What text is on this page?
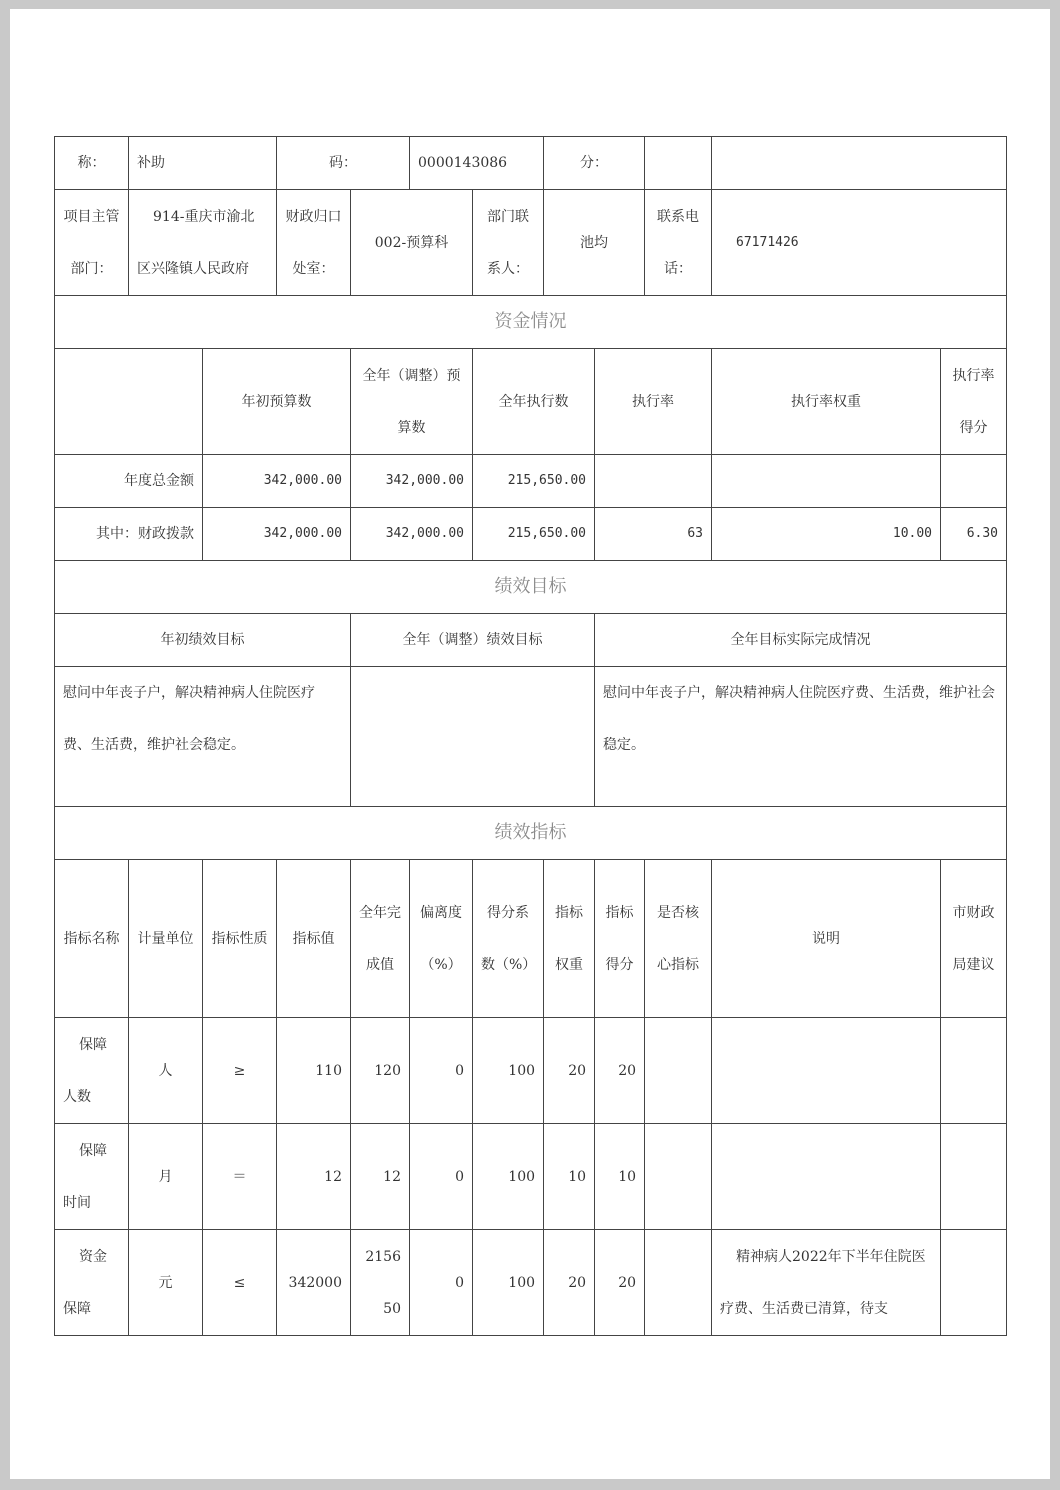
称：	补助		码：		0000143086		分：				
项目主管部门：	914-重庆市渝北区兴隆镇人民政府		财政归口处室：	002-预算科		部门联系人：	池均		联系电话：	67171426	
资金情况											
		年初预算数		全年（调整）预算数		全年执行数		执行率		执行率权重	执行率得分
年度总金额		342,000.00		342,000.00		215,650.00					
其中：财政拨款		342,000.00		342,000.00		215,650.00		63		10.00	6.30
绩效目标											
年初绩效目标				全年（调整）绩效目标				全年目标实际完成情况			
慰问中年丧子户，解决精神病人住院医疗费、生活费，维护社会稳定。								慰问中年丧子户，解决精神病人住院医疗费、生活费，维护社会稳定。			
绩效指标											
指标名称	计量单位	指标性质	指标值	全年完成值	偏离度（%）	得分系数（%）	指标权重	指标得分	是否核心指标	说明	市财政局建议
保障人数	人	≥	110	120	0	100	20	20			
保障时间	月	＝	12	12	0	100	10	10			
资金保障	元	≤	342000	215650	0	100	20	20		精神病人2022年下半年住院医疗费、生活费已清算，待支	
